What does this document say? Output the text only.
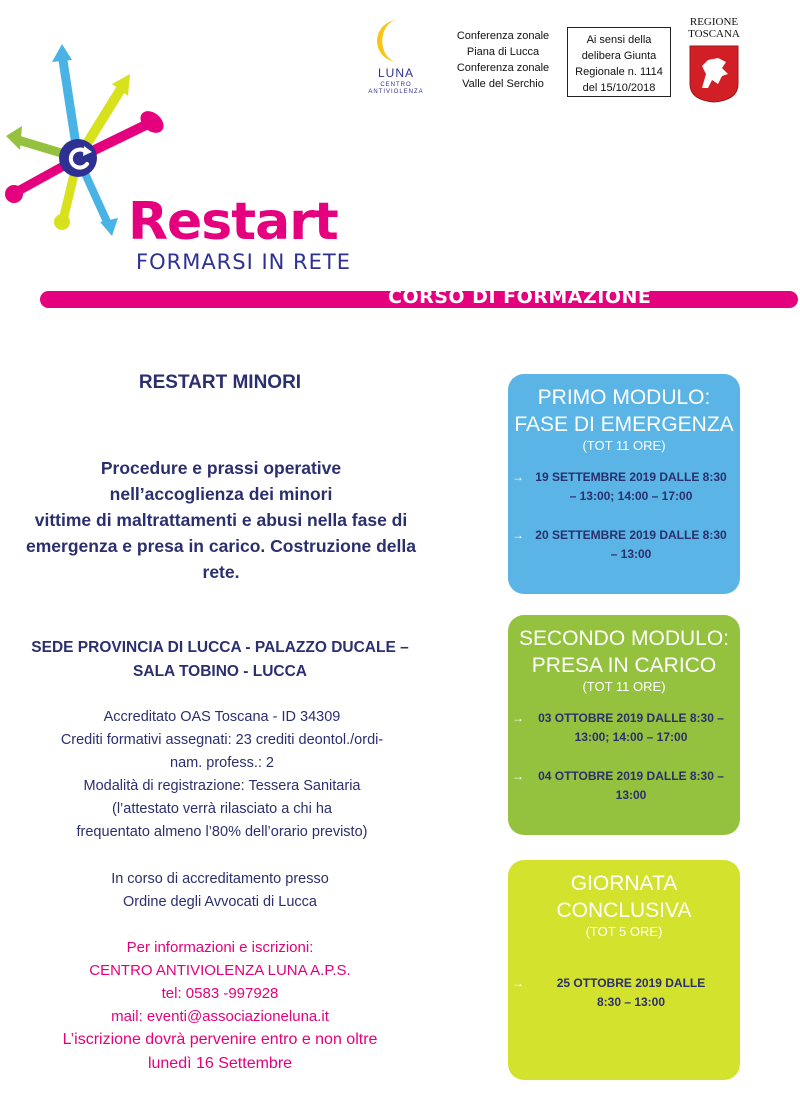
Restart
FORMARSI IN RETE
LUNA
CENTRO ANTIVIOLENZA
Conferenza zonale
Piana di Lucca
Conferenza zonale
Valle del Serchio
Ai sensi della
delibera Giunta
Regionale n. 1114
del 15/10/2018
REGIONE
TOSCANA
CORSO DI FORMAZIONE
RESTART MINORI
Procedure e prassi operative
nell’accoglienza dei minori
vittime di maltrattamenti e abusi nella fase di
emergenza e presa in carico. Costruzione della
rete.
SEDE PROVINCIA DI LUCCA - PALAZZO DUCALE –
SALA TOBINO - LUCCA
Accreditato OAS Toscana - ID 34309
Crediti formativi assegnati: 23 crediti deontol./ordi-
nam. profess.: 2
Modalità di registrazione: Tessera Sanitaria
(l’attestato verrà rilasciato a chi ha
frequentato almeno l’80% dell’orario previsto)
In corso di accreditamento presso
Ordine degli Avvocati di Lucca
Per informazioni e iscrizioni:
CENTRO ANTIVIOLENZA LUNA A.P.S.
tel: 0583 -997928
mail: eventi@associazioneluna.it
L’iscrizione dovrà pervenire entro e non oltre
lunedì 16 Settembre
PRIMO MODULO:
FASE DI EMERGENZA
(TOT 11 ORE)
→ 19 SETTEMBRE 2019 DALLE 8:30
– 13:00; 14:00 – 17:00
→ 20 SETTEMBRE 2019 DALLE 8:30
– 13:00
SECONDO MODULO:
PRESA IN CARICO
(TOT 11 ORE)
→	03 OTTOBRE 2019 DALLE 8:30 –
13:00; 14:00 – 17:00
→	04 OTTOBRE 2019 DALLE 8:30 –
13:00
GIORNATA
CONCLUSIVA
(TOT 5 ORE)
→	25 OTTOBRE 2019 DALLE
8:30 – 13:00
